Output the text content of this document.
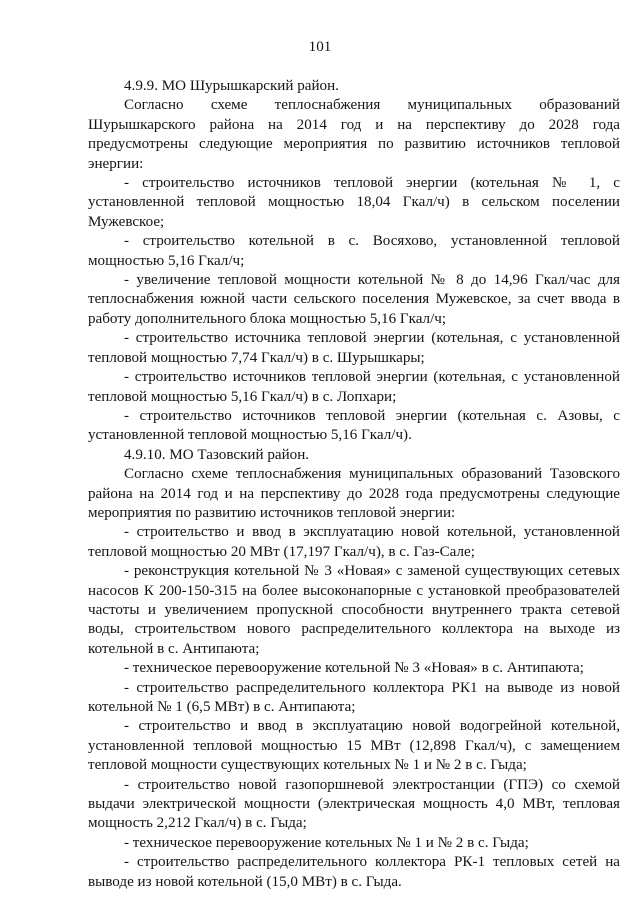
101

4.9.9. МО Шурышкарский район.

Согласно схеме теплоснабжения муниципальных образований Шурышкарского района на 2014 год и на перспективу до 2028 года предусмотрены следующие мероприятия по развитию источников тепловой энергии:

- строительство источников тепловой энергии (котельная № 1, с установленной тепловой мощностью 18,04 Гкал/ч) в сельском поселении Мужевское;

- строительство котельной в с. Восяхово, установленной тепловой мощностью 5,16 Гкал/ч;

- увеличение тепловой мощности котельной № 8 до 14,96 Гкал/час для теплоснабжения южной части сельского поселения Мужевское, за счет ввода в работу дополнительного блока мощностью 5,16 Гкал/ч;

- строительство источника тепловой энергии (котельная, с установленной тепловой мощностью 7,74 Гкал/ч) в с. Шурышкары;

- строительство источников тепловой энергии (котельная, с установленной тепловой мощностью 5,16 Гкал/ч) в с. Лопхари;

- строительство источников тепловой энергии (котельная с. Азовы, с установленной тепловой мощностью 5,16 Гкал/ч).

4.9.10. МО Тазовский район.

Согласно схеме теплоснабжения муниципальных образований Тазовского района на 2014 год и на перспективу до 2028 года предусмотрены следующие мероприятия по развитию источников тепловой энергии:

- строительство и ввод в эксплуатацию новой котельной, установленной тепловой мощностью 20 МВт (17,197 Гкал/ч), в с. Газ-Сале;

- реконструкция котельной № 3 «Новая» с заменой существующих сетевых насосов К 200-150-315 на более высоконапорные с установкой преобразователей частоты и увеличением пропускной способности внутреннего тракта сетевой воды, строительством нового распределительного коллектора на выходе из котельной в с. Антипаюта;

- техническое перевооружение котельной № 3 «Новая» в с. Антипаюта;

- строительство распределительного коллектора РК1 на выводе из новой котельной № 1 (6,5 МВт) в с. Антипаюта;

- строительство и ввод в эксплуатацию новой водогрейной котельной, установленной тепловой мощностью 15 МВт (12,898 Гкал/ч), с замещением тепловой мощности существующих котельных № 1 и № 2 в с. Гыда;

- строительство новой газопоршневой электростанции (ГПЭ) со схемой выдачи электрической мощности (электрическая мощность 4,0 МВт, тепловая мощность 2,212 Гкал/ч) в с. Гыда;

- техническое перевооружение котельных № 1 и № 2 в с. Гыда;

- строительство распределительного коллектора РК-1 тепловых сетей на выводе из новой котельной (15,0 МВт) в с. Гыда.
